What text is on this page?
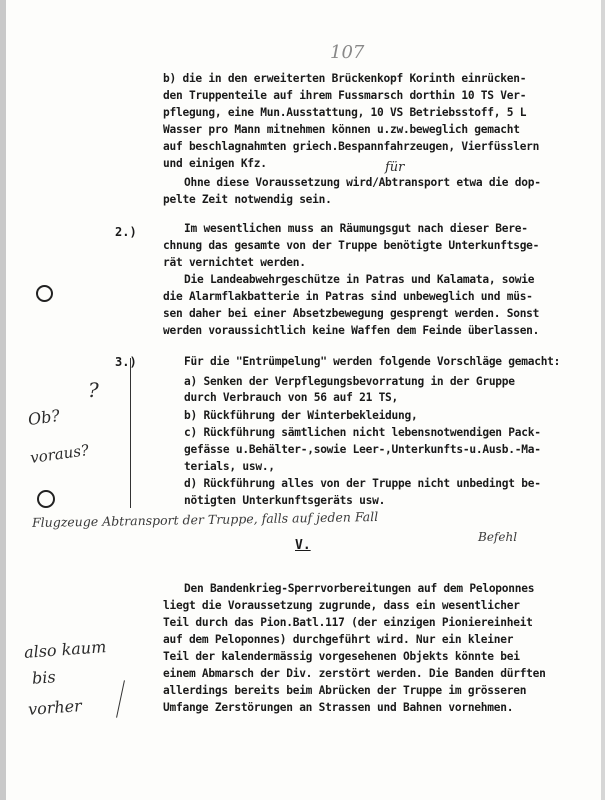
b) die in den erweiterten Brückenkopf Korinth einrücken-
den Truppenteile auf ihrem Fussmarsch dorthin 10 TS Ver-
pflegung, eine Mun.Ausstattung, 10 VS Betriebsstoff, 5 L
Wasser pro Mann mitnehmen können u.zw.beweglich gemacht
auf beschlagnahmten griech.Bespannfahrzeugen, Vierfüsslern
und einigen Kfz.	für
Ohne diese Voraussetzung wird/Abtransport etwa die dop-
pelte Zeit notwendig sein.
2.)	Im wesentlichen muss an Räumungsgut nach dieser Bere-
chnung das gesamte von der Truppe benötigte Unterkunftsge-
rät vernichtet werden.
Die Landeabwehrgeschütze in Patras und Kalamata, sowie
die Alarmflakbatterie in Patras sind unbeweglich und müs-
sen daher bei einer Absetzbewegung gesprengt werden. Sonst
werden voraussichtlich keine Waffen dem Feinde überlassen.
3.)	Für die "Entrümpelung" werden folgende Vorschläge gemacht:
a) Senken der Verpflegungsbevorratung in der Gruppe
durch Verbrauch von 56 auf 21 TS,
b) Rückführung der Winterbekleidung,
c) Rückführung sämtlichen nicht lebensnotwendigen Pack-
gefässe u.Behälter-,sowie Leer-,Unterkunfts-u.Ausb.-Ma-
terials, usw.,
d) Rückführung alles von der Truppe nicht unbedingt be-
nötigten Unterkunftsgeräts usw.
?
Ob?
voraus?
Flugzeuge Abtransport der Truppe, falls auf jeden Fall
Befehl
107
V.
Den Bandenkrieg-Sperrvorbereitungen auf dem Peloponnes
liegt die Voraussetzung zugrunde, dass ein wesentlicher
Teil durch das Pion.Batl.117 (der einzigen Pioniereinheit
auf dem Peloponnes) durchgeführt wird. Nur ein kleiner
Teil der kalendermässig vorgesehenen Objekts könnte bei
einem Abmarsch der Div. zerstört werden. Die Banden dürften
allerdings bereits beim Abrücken der Truppe im grösseren
Umfange Zerstörungen an Strassen und Bahnen vornehmen.
also kaum
bis
vorher
